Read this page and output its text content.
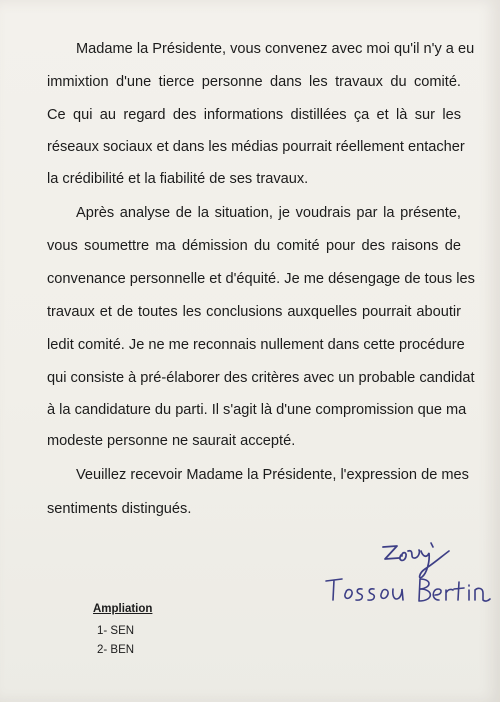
Madame la Présidente, vous convenez avec moi qu'il n'y a eu
immixtion d'une tierce personne dans les travaux du comité.
Ce qui au regard des informations distillées ça et là sur les
réseaux sociaux et dans les médias pourrait réellement entacher
la crédibilité et la fiabilité de ses travaux.
Après analyse de la situation, je voudrais par la présente,
vous soumettre ma démission du comité pour des raisons de
convenance personnelle et d'équité. Je me désengage de tous les
travaux et de toutes les conclusions auxquelles pourrait aboutir
ledit comité. Je ne me reconnais nullement dans cette procédure
qui consiste à pré-élaborer des critères avec un probable candidat
à la candidature du parti. Il s'agit là d'une compromission que ma
modeste personne ne saurait accepté.
Veuillez recevoir Madame la Présidente, l'expression de mes
sentiments distingués.
Ampliation
1- SEN
2- BEN
